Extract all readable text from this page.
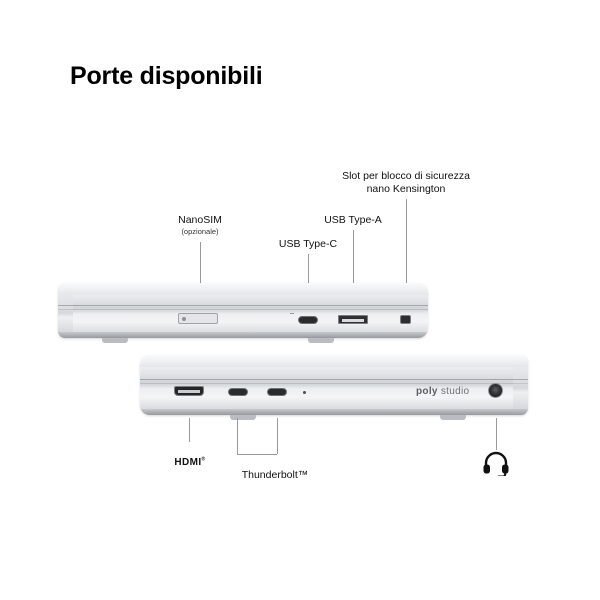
Porte disponibili
NanoSIM
(opzionale)
USB Type-C
USB Type-A
Slot per blocco di sicurezza
nano Kensington
⎓
poly studio
HDMI®
Thunderbolt™
